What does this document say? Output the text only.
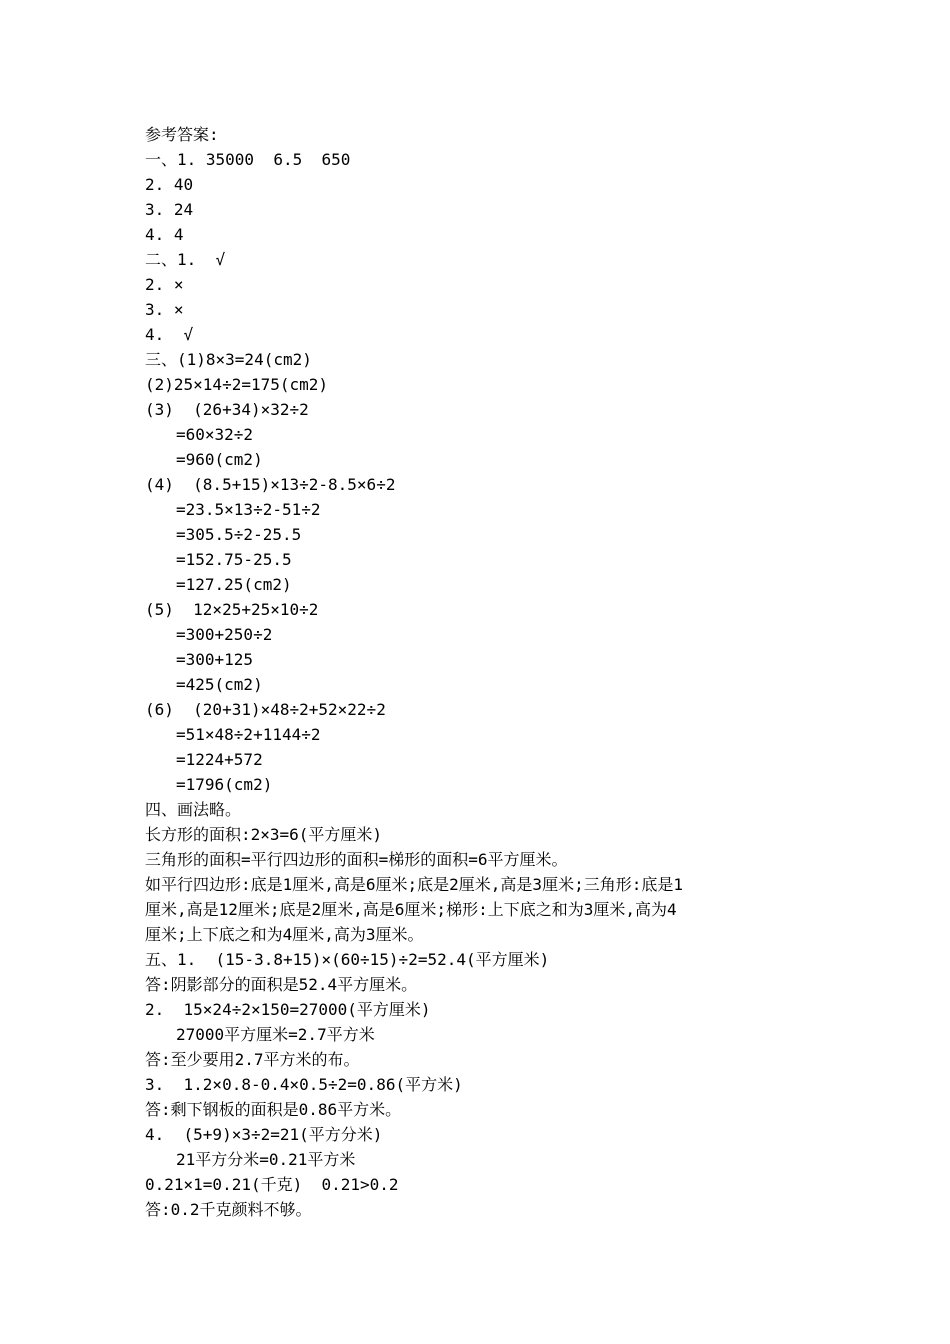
参考答案:
一、1. 35000  6.5  650
2. 40
3. 24
4. 4
二、1.  √
2. ×
3. ×
4.  √
三、(1)8×3=24(cm2)
(2)25×14÷2=175(cm2)
(3)  (26+34)×32÷2
=60×32÷2
=960(cm2)
(4)  (8.5+15)×13÷2-8.5×6÷2
=23.5×13÷2-51÷2
=305.5÷2-25.5
=152.75-25.5
=127.25(cm2)
(5)  12×25+25×10÷2
=300+250÷2
=300+125
=425(cm2)
(6)  (20+31)×48÷2+52×22÷2
=51×48÷2+1144÷2
=1224+572
=1796(cm2)
四、画法略。
长方形的面积:2×3=6(平方厘米)
三角形的面积=平行四边形的面积=梯形的面积=6平方厘米。
如平行四边形:底是1厘米,高是6厘米;底是2厘米,高是3厘米;三角形:底是1
厘米,高是12厘米;底是2厘米,高是6厘米;梯形:上下底之和为3厘米,高为4
厘米;上下底之和为4厘米,高为3厘米。
五、1.  (15-3.8+15)×(60÷15)÷2=52.4(平方厘米)
答:阴影部分的面积是52.4平方厘米。
2.  15×24÷2×150=27000(平方厘米)
27000平方厘米=2.7平方米
答:至少要用2.7平方米的布。
3.  1.2×0.8-0.4×0.5÷2=0.86(平方米)
答:剩下钢板的面积是0.86平方米。
4.  (5+9)×3÷2=21(平方分米)
21平方分米=0.21平方米
0.21×1=0.21(千克)  0.21>0.2
答:0.2千克颜料不够。
